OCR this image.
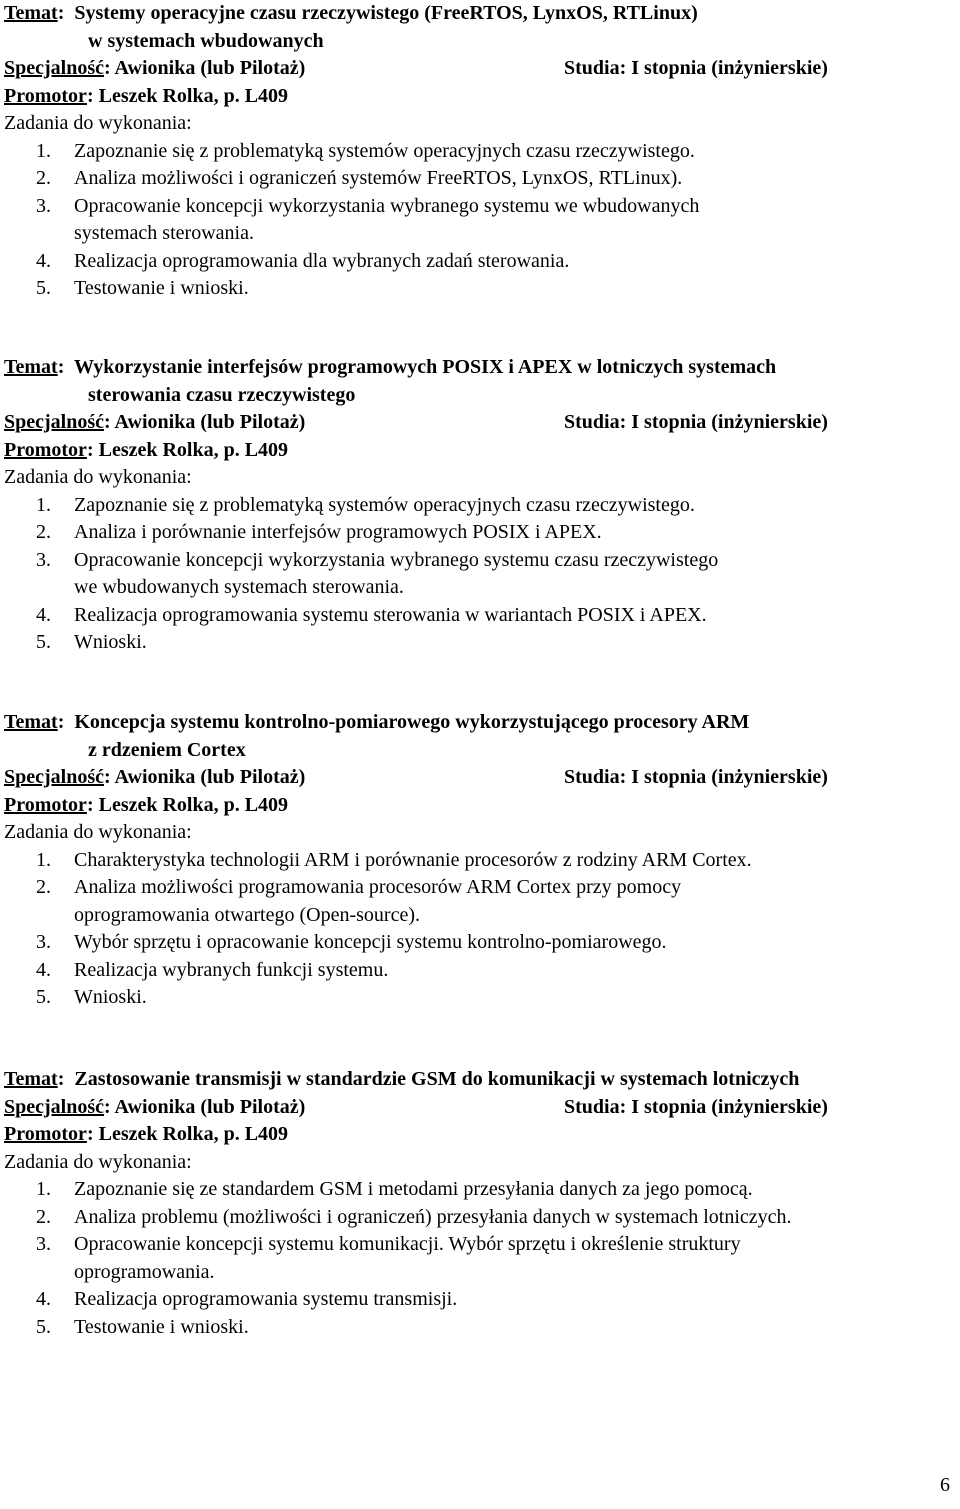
Temat:  Systemy operacyjne czasu rzeczywistego (FreeRTOS, LynxOS, RTLinux)
w systemach wbudowanych
Specjalność: Awionika (lub Pilotaż)	Studia: I stopnia (inżynierskie)
Promotor: Leszek Rolka, p. L409
Zadania do wykonania:
1. Zapoznanie się z problematyką systemów operacyjnych czasu rzeczywistego.
2. Analiza możliwości i ograniczeń systemów FreeRTOS, LynxOS, RTLinux).
3. Opracowanie koncepcji wykorzystania wybranego systemu we wbudowanych
systemach sterowania.
4. Realizacja oprogramowania dla wybranych zadań sterowania.
5. Testowanie i wnioski.
Temat:  Wykorzystanie interfejsów programowych POSIX i APEX w lotniczych systemach
sterowania czasu rzeczywistego
Specjalność: Awionika (lub Pilotaż)	Studia: I stopnia (inżynierskie)
Promotor: Leszek Rolka, p. L409
Zadania do wykonania:
1. Zapoznanie się z problematyką systemów operacyjnych czasu rzeczywistego.
2. Analiza i porównanie interfejsów programowych POSIX i APEX.
3. Opracowanie koncepcji wykorzystania wybranego systemu czasu rzeczywistego
we wbudowanych systemach sterowania.
4. Realizacja oprogramowania systemu sterowania w wariantach POSIX i APEX.
5. Wnioski.
Temat:  Koncepcja systemu kontrolno-pomiarowego wykorzystującego procesory ARM
z rdzeniem Cortex
Specjalność: Awionika (lub Pilotaż)	Studia: I stopnia (inżynierskie)
Promotor: Leszek Rolka, p. L409
Zadania do wykonania:
1. Charakterystyka technologii ARM i porównanie procesorów z rodziny ARM Cortex.
2. Analiza możliwości programowania procesorów ARM Cortex przy pomocy
oprogramowania otwartego (Open-source).
3. Wybór sprzętu i opracowanie koncepcji systemu kontrolno-pomiarowego.
4. Realizacja wybranych funkcji systemu.
5. Wnioski.
Temat:  Zastosowanie transmisji w standardzie GSM do komunikacji w systemach lotniczych
Specjalność: Awionika (lub Pilotaż)	Studia: I stopnia (inżynierskie)
Promotor: Leszek Rolka, p. L409
Zadania do wykonania:
1. Zapoznanie się ze standardem GSM i metodami przesyłania danych za jego pomocą.
2. Analiza problemu (możliwości i ograniczeń) przesyłania danych w systemach lotniczych.
3. Opracowanie koncepcji systemu komunikacji. Wybór sprzętu i określenie struktury
oprogramowania.
4. Realizacja oprogramowania systemu transmisji.
5. Testowanie i wnioski.
6
